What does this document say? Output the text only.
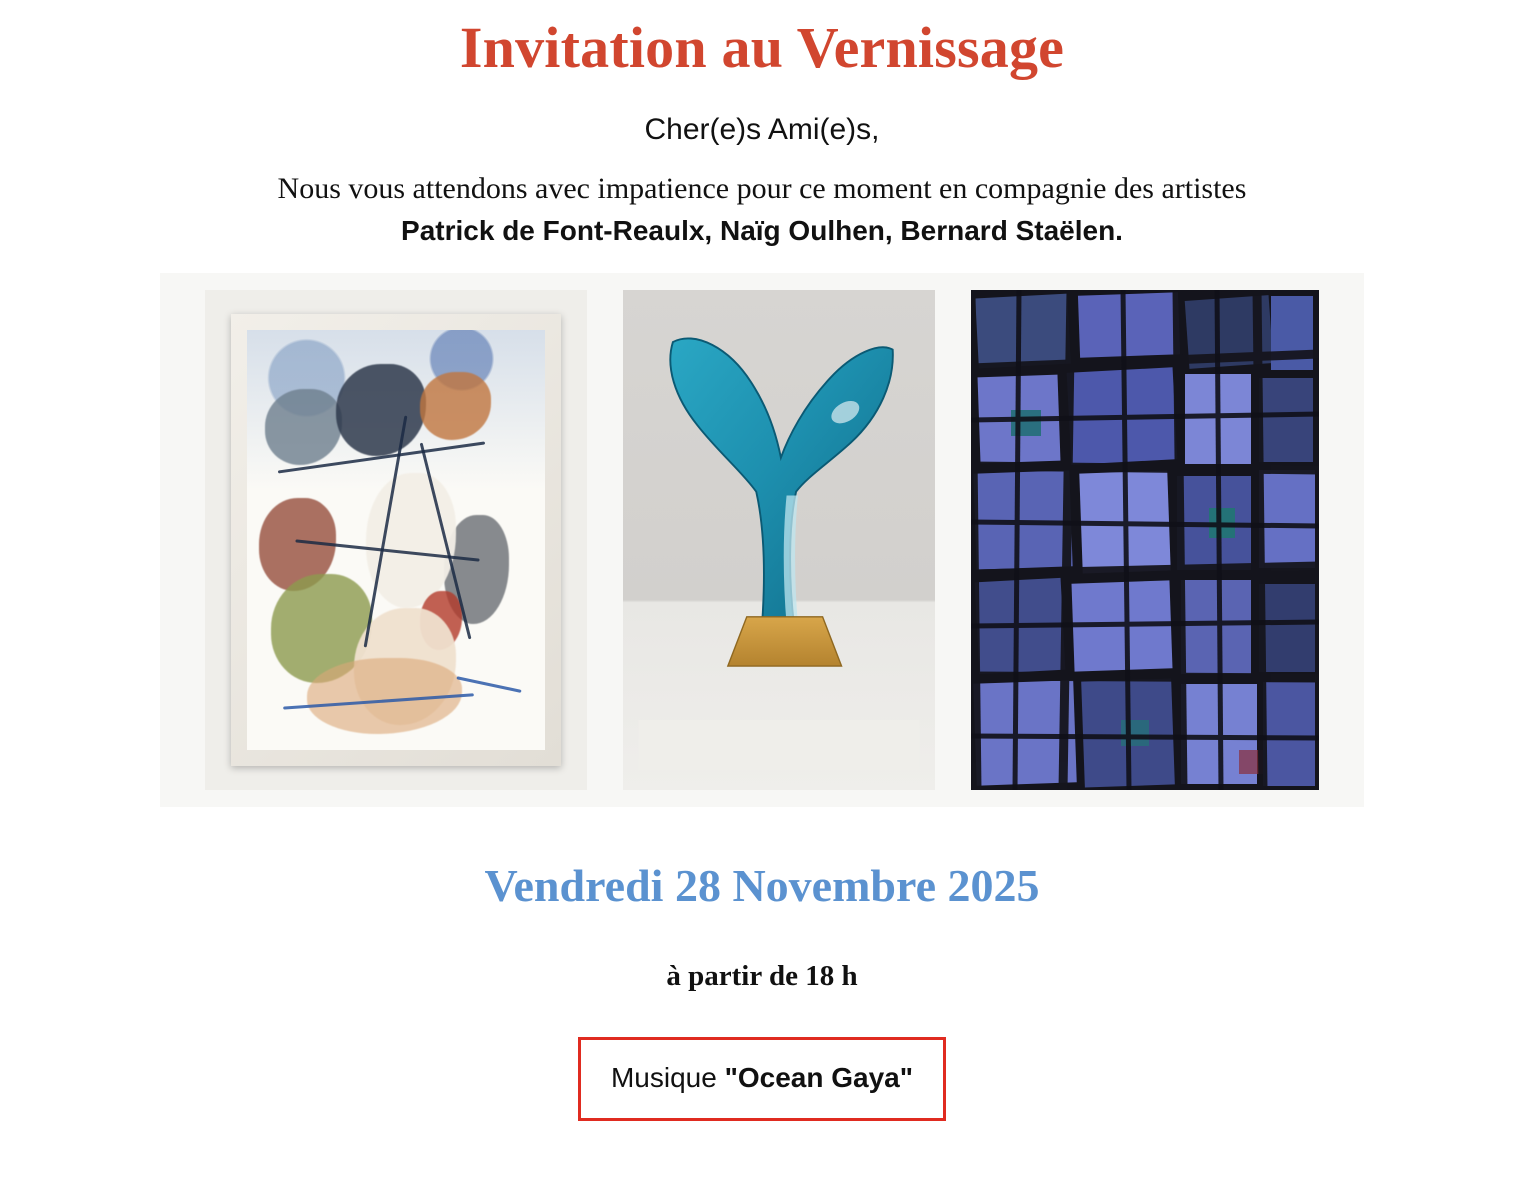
Invitation au Vernissage
Cher(e)s Ami(e)s,
Nous vous attendons avec impatience pour ce moment en compagnie des artistes
Patrick de Font-Reaulx, Naïg Oulhen, Bernard Staëlen.
Vendredi 28 Novembre 2025
à partir de 18 h
Musique "Ocean Gaya"
